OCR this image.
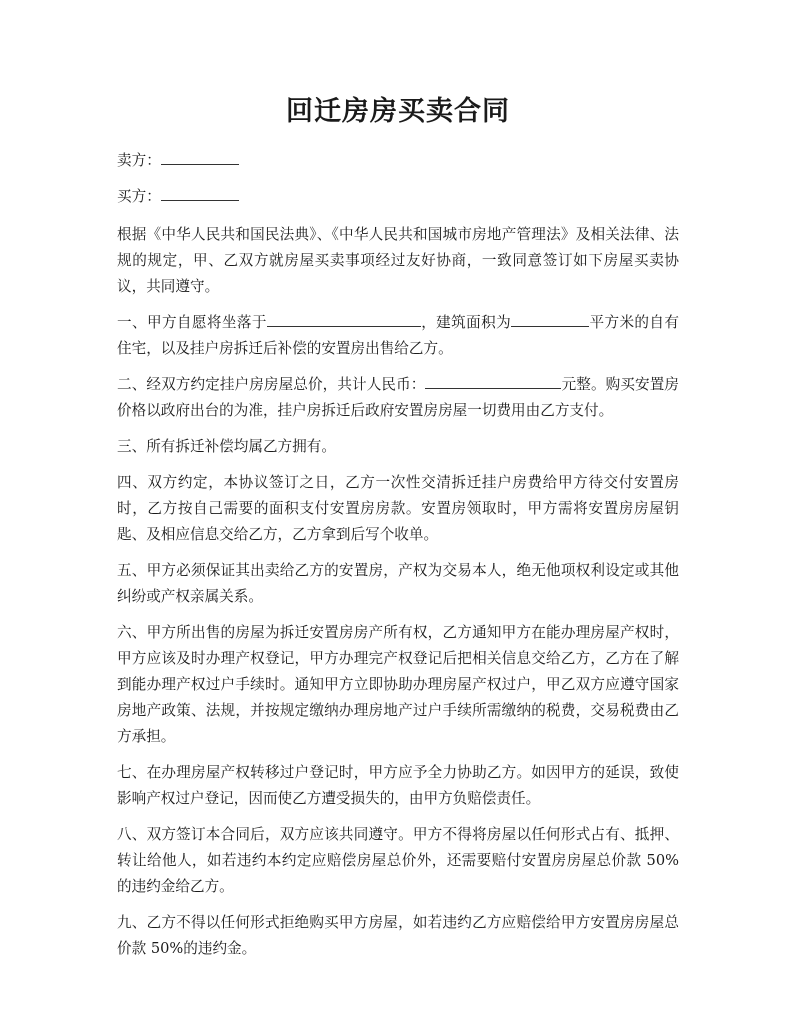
回迁房房买卖合同

卖方：

买方：

根据《中华人民共和国民法典》、《中华人民共和国城市房地产管理法》及相关法律、法规的规定，甲、乙双方就房屋买卖事项经过友好协商，一致同意签订如下房屋买卖协议，共同遵守。

一、甲方自愿将坐落于	，建筑面积为	平方米的自有住宅，以及挂户房拆迁后补偿的安置房出售给乙方。

二、经双方约定挂户房房屋总价，共计人民币：	元整。购买安置房价格以政府出台的为准，挂户房拆迁后政府安置房房屋一切费用由乙方支付。

三、所有拆迁补偿均属乙方拥有。

四、双方约定，本协议签订之日，乙方一次性交清拆迁挂户房费给甲方待交付安置房时，乙方按自己需要的面积支付安置房房款。安置房领取时，甲方需将安置房房屋钥匙、及相应信息交给乙方，乙方拿到后写个收单。

五、甲方必须保证其出卖给乙方的安置房，产权为交易本人，绝无他项权利设定或其他纠纷或产权亲属关系。

六、甲方所出售的房屋为拆迁安置房房产所有权，乙方通知甲方在能办理房屋产权时，甲方应该及时办理产权登记，甲方办理完产权登记后把相关信息交给乙方，乙方在了解到能办理产权过户手续时。通知甲方立即协助办理房屋产权过户，甲乙双方应遵守国家房地产政策、法规，并按规定缴纳办理房地产过户手续所需缴纳的税费，交易税费由乙方承担。

七、在办理房屋产权转移过户登记时，甲方应予全力协助乙方。如因甲方的延误，致使影响产权过户登记，因而使乙方遭受损失的，由甲方负赔偿责任。

八、双方签订本合同后，双方应该共同遵守。甲方不得将房屋以任何形式占有、抵押、转让给他人，如若违约本约定应赔偿房屋总价外，还需要赔付安置房房屋总价款 50%的违约金给乙方。

九、乙方不得以任何形式拒绝购买甲方房屋，如若违约乙方应赔偿给甲方安置房房屋总价款 50%的违约金。
